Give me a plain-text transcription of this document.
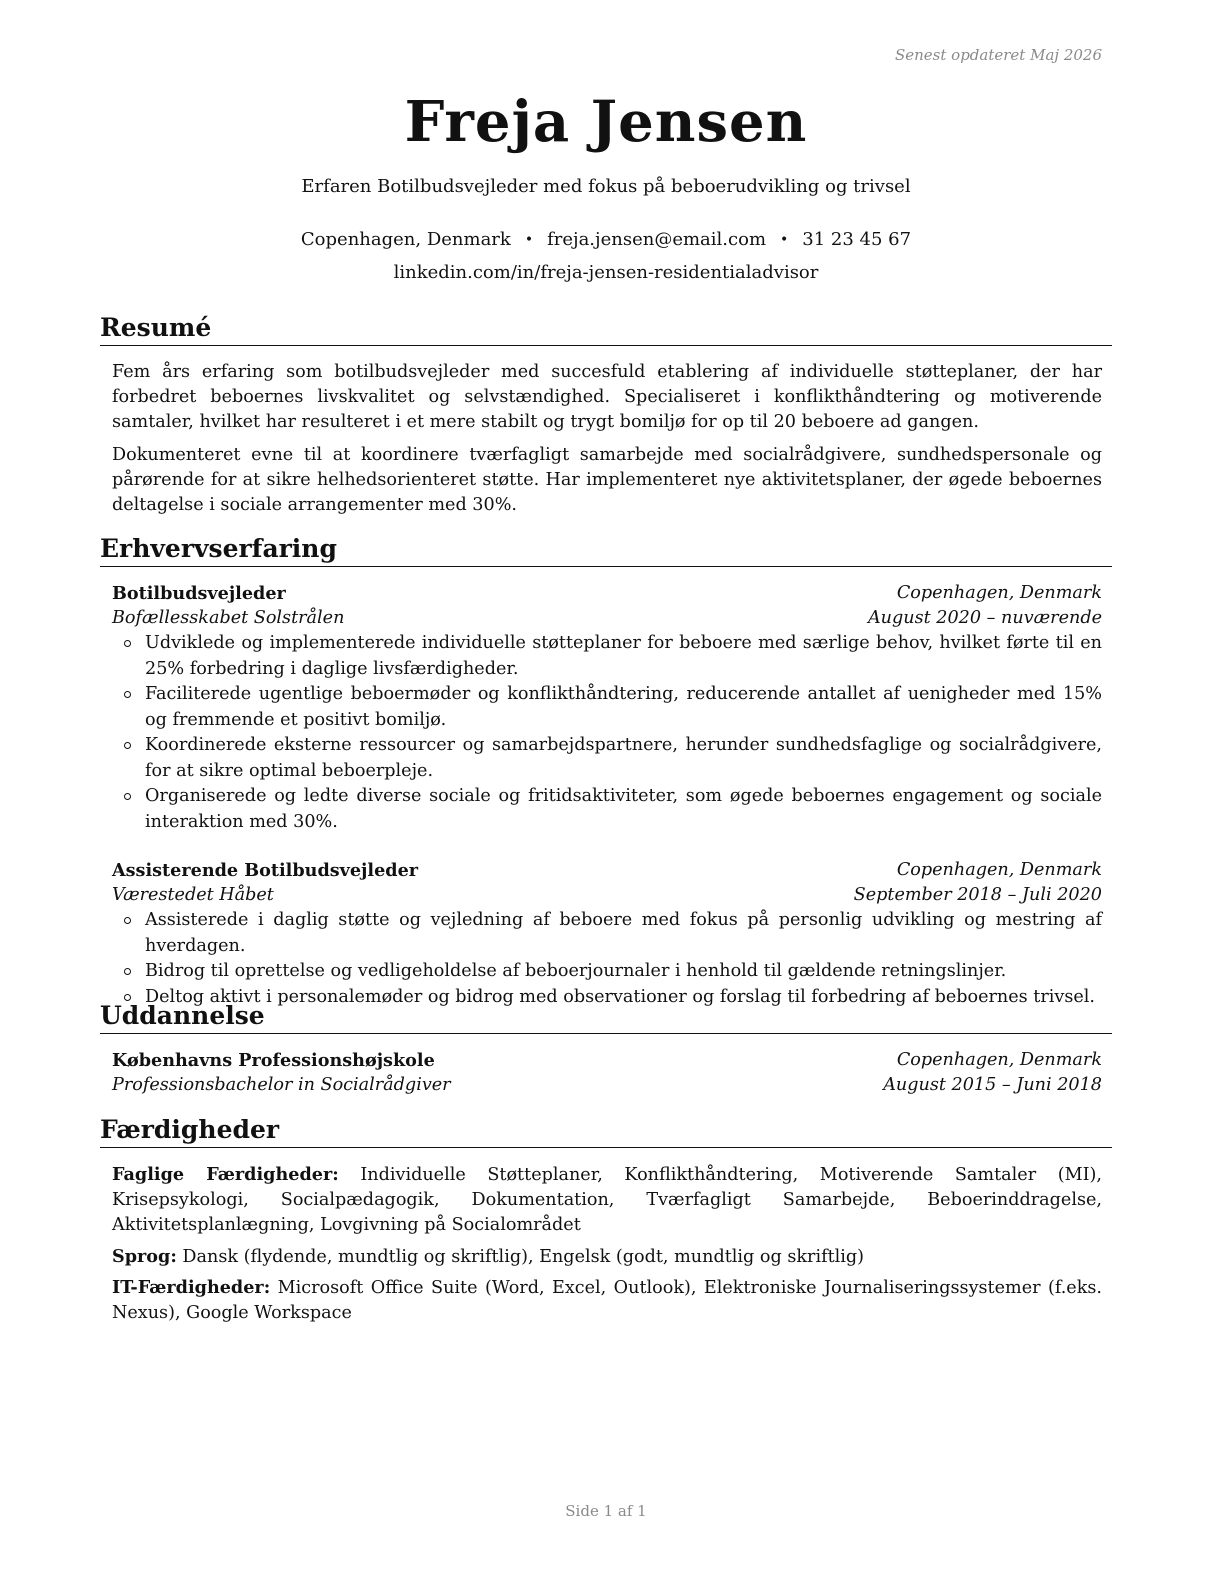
Senest opdateret Maj 2026
Freja Jensen
Erfaren Botilbudsvejleder med fokus på beboerudvikling og trivsel
Copenhagen, Denmark • freja.jensen@email.com • 31 23 45 67
linkedin.com/in/freja-jensen-residentialadvisor
Resumé
Fem års erfaring som botilbudsvejleder med succesfuld etablering af individuelle støtteplaner, der har forbedret beboernes livskvalitet og selvstændighed. Specialiseret i konflikthåndtering og motiverende samtaler, hvilket har resulteret i et mere stabilt og trygt bomiljø for op til 20 beboere ad gangen.
Dokumenteret evne til at koordinere tværfagligt samarbejde med socialrådgivere, sundhedspersonale og pårørende for at sikre helhedsorienteret støtte. Har implementeret nye aktivitetsplaner, der øgede beboernes deltagelse i sociale arrangementer med 30%.
Erhvervserfaring
Botilbudsvejleder	Copenhagen, Denmark
Bofællesskabet Solstrålen	August 2020 – nuværende
Udviklede og implementerede individuelle støtteplaner for beboere med særlige behov, hvilket førte til en 25% forbedring i daglige livsfærdigheder.
Faciliterede ugentlige beboermøder og konflikthåndtering, reducerende antallet af uenigheder med 15% og fremmende et positivt bomiljø.
Koordinerede eksterne ressourcer og samarbejdspartnere, herunder sundhedsfaglige og socialrådgivere, for at sikre optimal beboerpleje.
Organiserede og ledte diverse sociale og fritidsaktiviteter, som øgede beboernes engagement og sociale interaktion med 30%.
Assisterende Botilbudsvejleder	Copenhagen, Denmark
Værestedet Håbet	September 2018 – Juli 2020
Assisterede i daglig støtte og vejledning af beboere med fokus på personlig udvikling og mestring af hverdagen.
Bidrog til oprettelse og vedligeholdelse af beboerjournaler i henhold til gældende retningslinjer.
Deltog aktivt i personalemøder og bidrog med observationer og forslag til forbedring af beboernes trivsel.
Uddannelse
Københavns Professionshøjskole	Copenhagen, Denmark
Professionsbachelor in Socialrådgiver	August 2015 – Juni 2018
Færdigheder
Faglige Færdigheder: Individuelle Støtteplaner, Konflikthåndtering, Motiverende Samtaler (MI), Krisepsykologi, Socialpædagogik, Dokumentation, Tværfagligt Samarbejde, Beboerinddragelse, Aktivitetsplanlægning, Lovgivning på Socialområdet
Sprog: Dansk (flydende, mundtlig og skriftlig), Engelsk (godt, mundtlig og skriftlig)
IT-Færdigheder: Microsoft Office Suite (Word, Excel, Outlook), Elektroniske Journaliseringssystemer (f.eks. Nexus), Google Workspace
Side 1 af 1
